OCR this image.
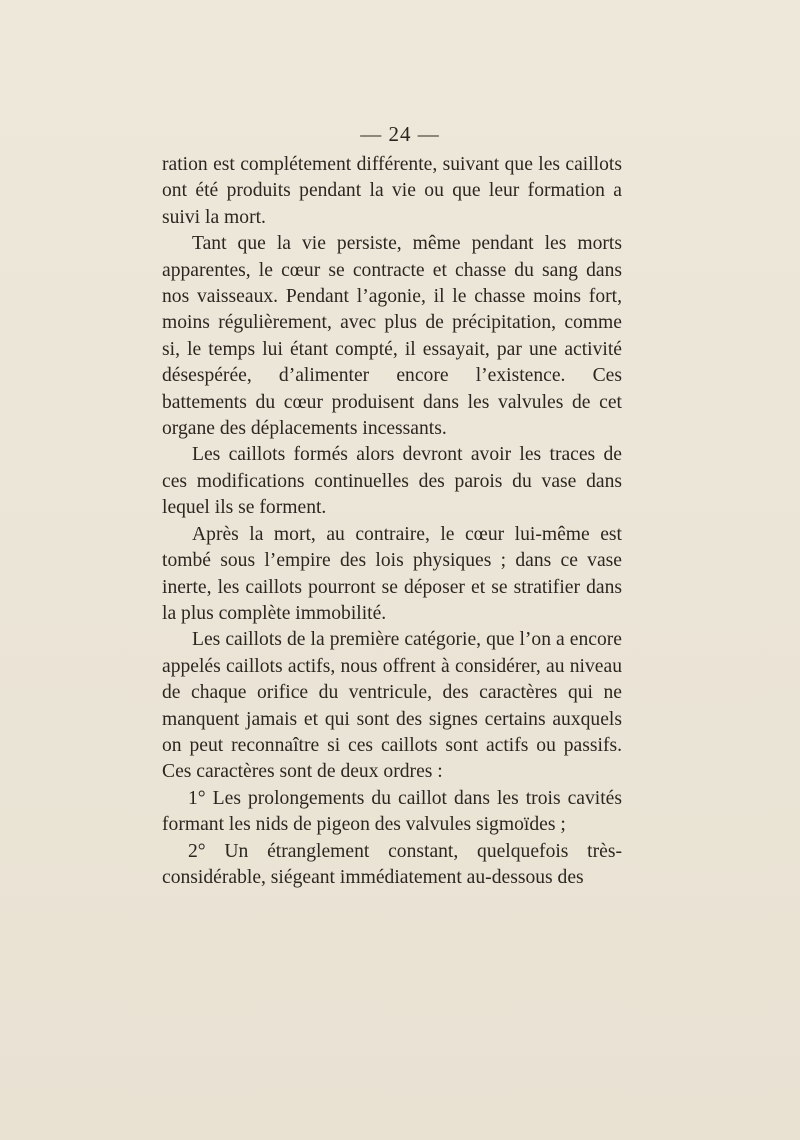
— 24 —

ration est complétement différente, suivant que les caillots ont été produits pendant la vie ou que leur formation a suivi la mort.

Tant que la vie persiste, même pendant les morts apparentes, le cœur se contracte et chasse du sang dans nos vaisseaux. Pendant l’agonie, il le chasse moins fort, moins régulièrement, avec plus de précipitation, comme si, le temps lui étant compté, il essayait, par une activité désespérée, d’alimenter encore l’existence. Ces battements du cœur produisent dans les valvules de cet organe des déplacements incessants.

Les caillots formés alors devront avoir les traces de ces modifications continuelles des parois du vase dans lequel ils se forment.

Après la mort, au contraire, le cœur lui-même est tombé sous l’empire des lois physiques ; dans ce vase inerte, les caillots pourront se déposer et se stratifier dans la plus complète immobilité.

Les caillots de la première catégorie, que l’on a encore appelés caillots actifs, nous offrent à considérer, au niveau de chaque orifice du ventricule, des caractères qui ne manquent jamais et qui sont des signes certains auxquels on peut reconnaître si ces caillots sont actifs ou passifs. Ces caractères sont de deux ordres :

1° Les prolongements du caillot dans les trois cavités formant les nids de pigeon des valvules sigmoïdes ;

2° Un étranglement constant, quelquefois très-considérable, siégeant immédiatement au-dessous des
